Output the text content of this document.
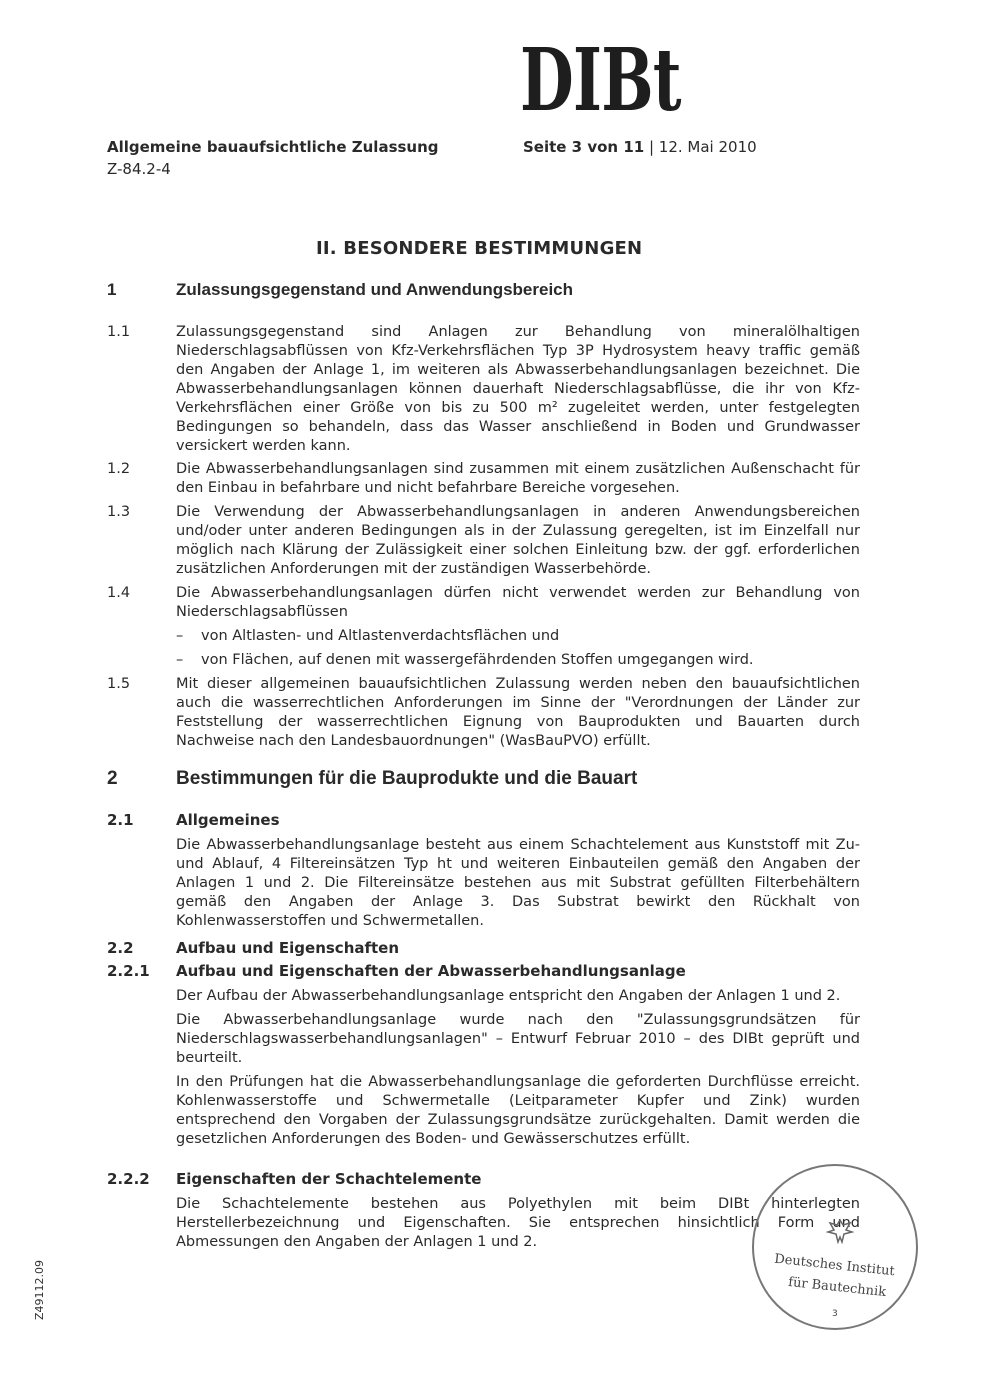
DIBt
Allgemeine bauaufsichtliche Zulassung
Z-84.2-4
Seite 3 von 11 | 12. Mai 2010
Z49112.09
II. BESONDERE BESTIMMUNGEN
1	Zulassungsgegenstand und Anwendungsbereich
1.1	Zulassungsgegenstand sind Anlagen zur Behandlung von mineralölhaltigen Niederschlagsabflüssen von Kfz-Verkehrsflächen Typ 3P Hydrosystem heavy traffic gemäß den Angaben der Anlage 1, im weiteren als Abwasserbehandlungsanlagen bezeichnet. Die Abwasserbehandlungsanlagen können dauerhaft Niederschlagsabflüsse, die ihr von Kfz-Verkehrsflächen einer Größe von bis zu 500 m² zugeleitet werden, unter festgelegten Bedingungen so behandeln, dass das Wasser anschließend in Boden und Grundwasser versickert werden kann.

1.2	Die Abwasserbehandlungsanlagen sind zusammen mit einem zusätzlichen Außenschacht für den Einbau in befahrbare und nicht befahrbare Bereiche vorgesehen.

1.3	Die Verwendung der Abwasserbehandlungsanlagen in anderen Anwendungsbereichen und/oder unter anderen Bedingungen als in der Zulassung geregelten, ist im Einzelfall nur möglich nach Klärung der Zulässigkeit einer solchen Einleitung bzw. der ggf. erforderlichen zusätzlichen Anforderungen mit der zuständigen Wasserbehörde.

1.4	Die Abwasserbehandlungsanlagen dürfen nicht verwendet werden zur Behandlung von Niederschlagsabflüssen

– von Altlasten- und Altlastenverdachtsflächen und
– von Flächen, auf denen mit wassergefährdenden Stoffen umgegangen wird.
1.5	Mit dieser allgemeinen bauaufsichtlichen Zulassung werden neben den bauaufsichtlichen auch die wasserrechtlichen Anforderungen im Sinne der "Verordnungen der Länder zur Feststellung der wasserrechtlichen Eignung von Bauprodukten und Bauarten durch Nachweise nach den Landesbauordnungen" (WasBauPVO) erfüllt.

2	Bestimmungen für die Bauprodukte und die Bauart
2.1	Allgemeines

Die Abwasserbehandlungsanlage besteht aus einem Schachtelement aus Kunststoff mit Zu- und Ablauf, 4 Filtereinsätzen Typ ht und weiteren Einbauteilen gemäß den Angaben der Anlagen 1 und 2. Die Filtereinsätze bestehen aus mit Substrat gefüllten Filterbehältern gemäß den Angaben der Anlage 3. Das Substrat bewirkt den Rückhalt von Kohlenwasserstoffen und Schwermetallen.

2.2	Aufbau und Eigenschaften
2.2.1 Aufbau und Eigenschaften der Abwasserbehandlungsanlage

Der Aufbau der Abwasserbehandlungsanlage entspricht den Angaben der Anlagen 1 und 2.

Die Abwasserbehandlungsanlage wurde nach den "Zulassungsgrundsätzen für Niederschlagswasserbehandlungsanlagen" – Entwurf Februar 2010 – des DIBt geprüft und beurteilt.

In den Prüfungen hat die Abwasserbehandlungsanlage die geforderten Durchflüsse erreicht. Kohlenwasserstoffe und Schwermetalle (Leitparameter Kupfer und Zink) wurden entsprechend den Vorgaben der Zulassungsgrundsätze zurückgehalten. Damit werden die gesetzlichen Anforderungen des Boden- und Gewässerschutzes erfüllt.

2.2.2 Eigenschaften der Schachtelemente

Die Schachtelemente bestehen aus Polyethylen mit beim DIBt hinterlegten Herstellerbezeichnung und Eigenschaften. Sie entsprechen hinsichtlich Form und Abmessungen den Angaben der Anlagen 1 und 2.

Deutsches Institut
für Bautechnik
3
